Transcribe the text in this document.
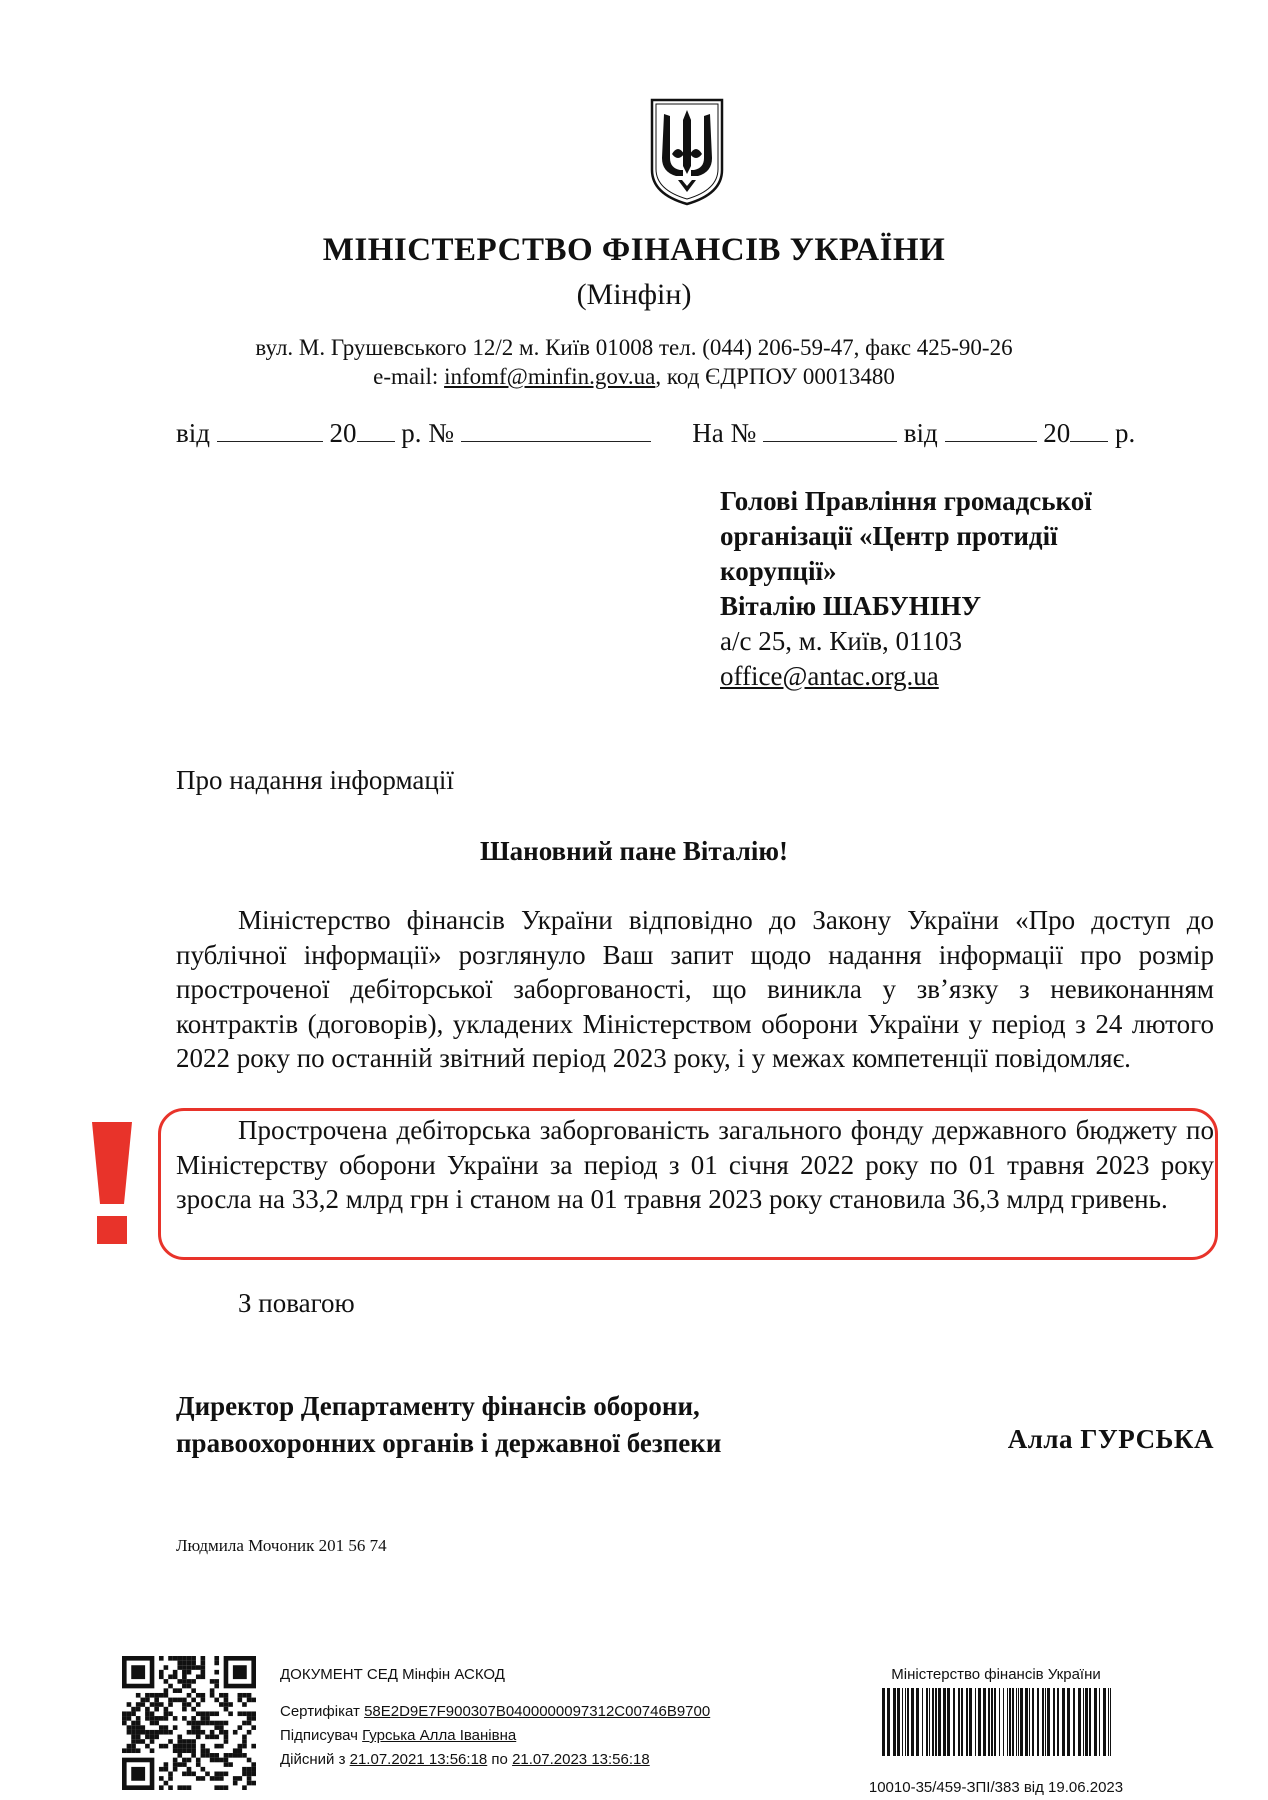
МІНІСТЕРСТВО ФІНАНСІВ УКРАЇНИ
(Мінфін)
вул. М. Грушевського 12/2 м. Київ 01008 тел. (044) 206-59-47, факс 425-90-26
e-mail: infomf@minfin.gov.ua, код ЄДРПОУ 00013480
від	20 р. №	На №	від	20 р.
Голові Правління громадської
організації «Центр протидії
корупції»
Віталію ШАБУНІНУ
а/с 25, м. Київ, 01103
office@antac.org.ua
Про надання інформації
Шановний пане Віталію!
Міністерство фінансів України відповідно до Закону України «Про доступ до публічної інформації» розглянуло Ваш запит щодо надання інформації про розмір простроченої дебіторської заборгованості, що виникла у звʼязку з невиконанням контрактів (договорів), укладених Міністерством оборони України у період з 24 лютого 2022 року по останній звітний період 2023 року, і у межах компетенції повідомляє.
Прострочена дебіторська заборгованість загального фонду державного бюджету по Міністерству оборони України за період з 01 січня 2022 року по 01 травня 2023 року зросла на 33,2 млрд грн і станом на 01 травня 2023 року становила 36,3 млрд гривень.
З повагою
Директор Департаменту фінансів оборони,
правоохоронних органів і державної безпеки	Алла ГУРСЬКА
Людмила Мочоник 201 56 74
ДОКУМЕНТ СЕД Мінфін АСКОД
Сертифікат 58E2D9E7F900307B0400000097312C00746B9700
Підписувач Гурська Алла Іванівна
Дійсний з 21.07.2021 13:56:18 по 21.07.2023 13:56:18
Міністерство фінансів України
10010-35/459-ЗПІ/383 від 19.06.2023
